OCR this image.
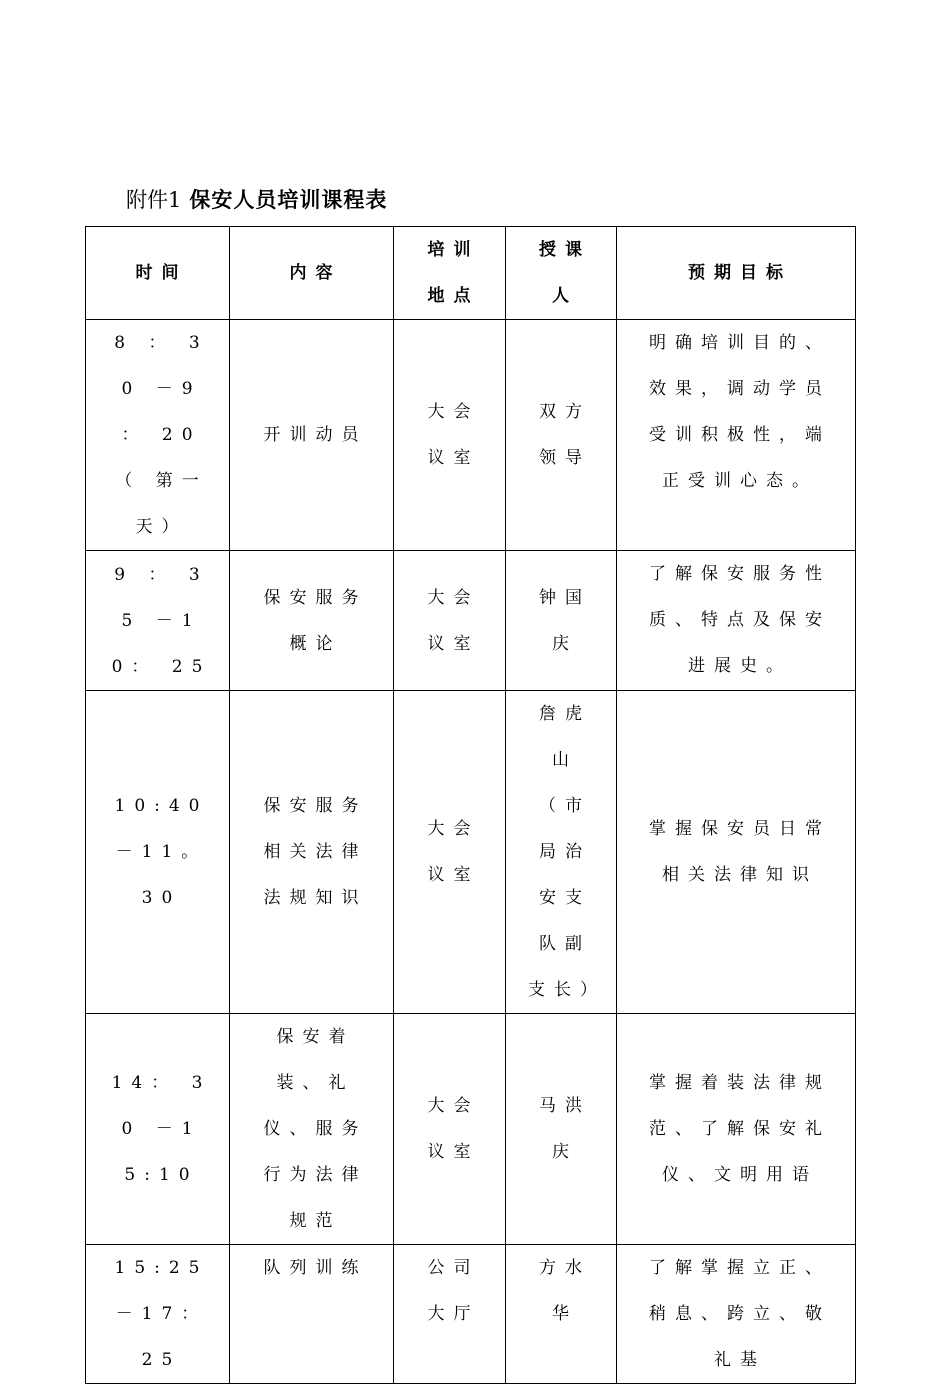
附件1 保安人员培训课程表
时间	内容	培训地点	授课人	预期目标

8 ： 30 －9 ： 20 （ 第一天）	开训动员	大会议室	双方领导	明确培训目的、效果，调动学员受训积极性，端正受训心态。

9 ： 35 －10： 25	保安服务概论	大会议室	钟国庆	了解保安服务性质、特点及保安进展史。

10:40 －11。 30	保安服务相关法律法规知识	大会议室	詹虎山（市局治安支队副支长）	掌握保安员日常相关法律知识

14： 30 －15:10	保安着装、礼仪、服务行为法律规范	大会议室	马洪庆	掌握着装法律规范、了解保安礼仪、文明用语

15:25 －17： 25	队列训练	公司大厅	方水华	了解掌握立正、稍息、跨立、敬礼基
